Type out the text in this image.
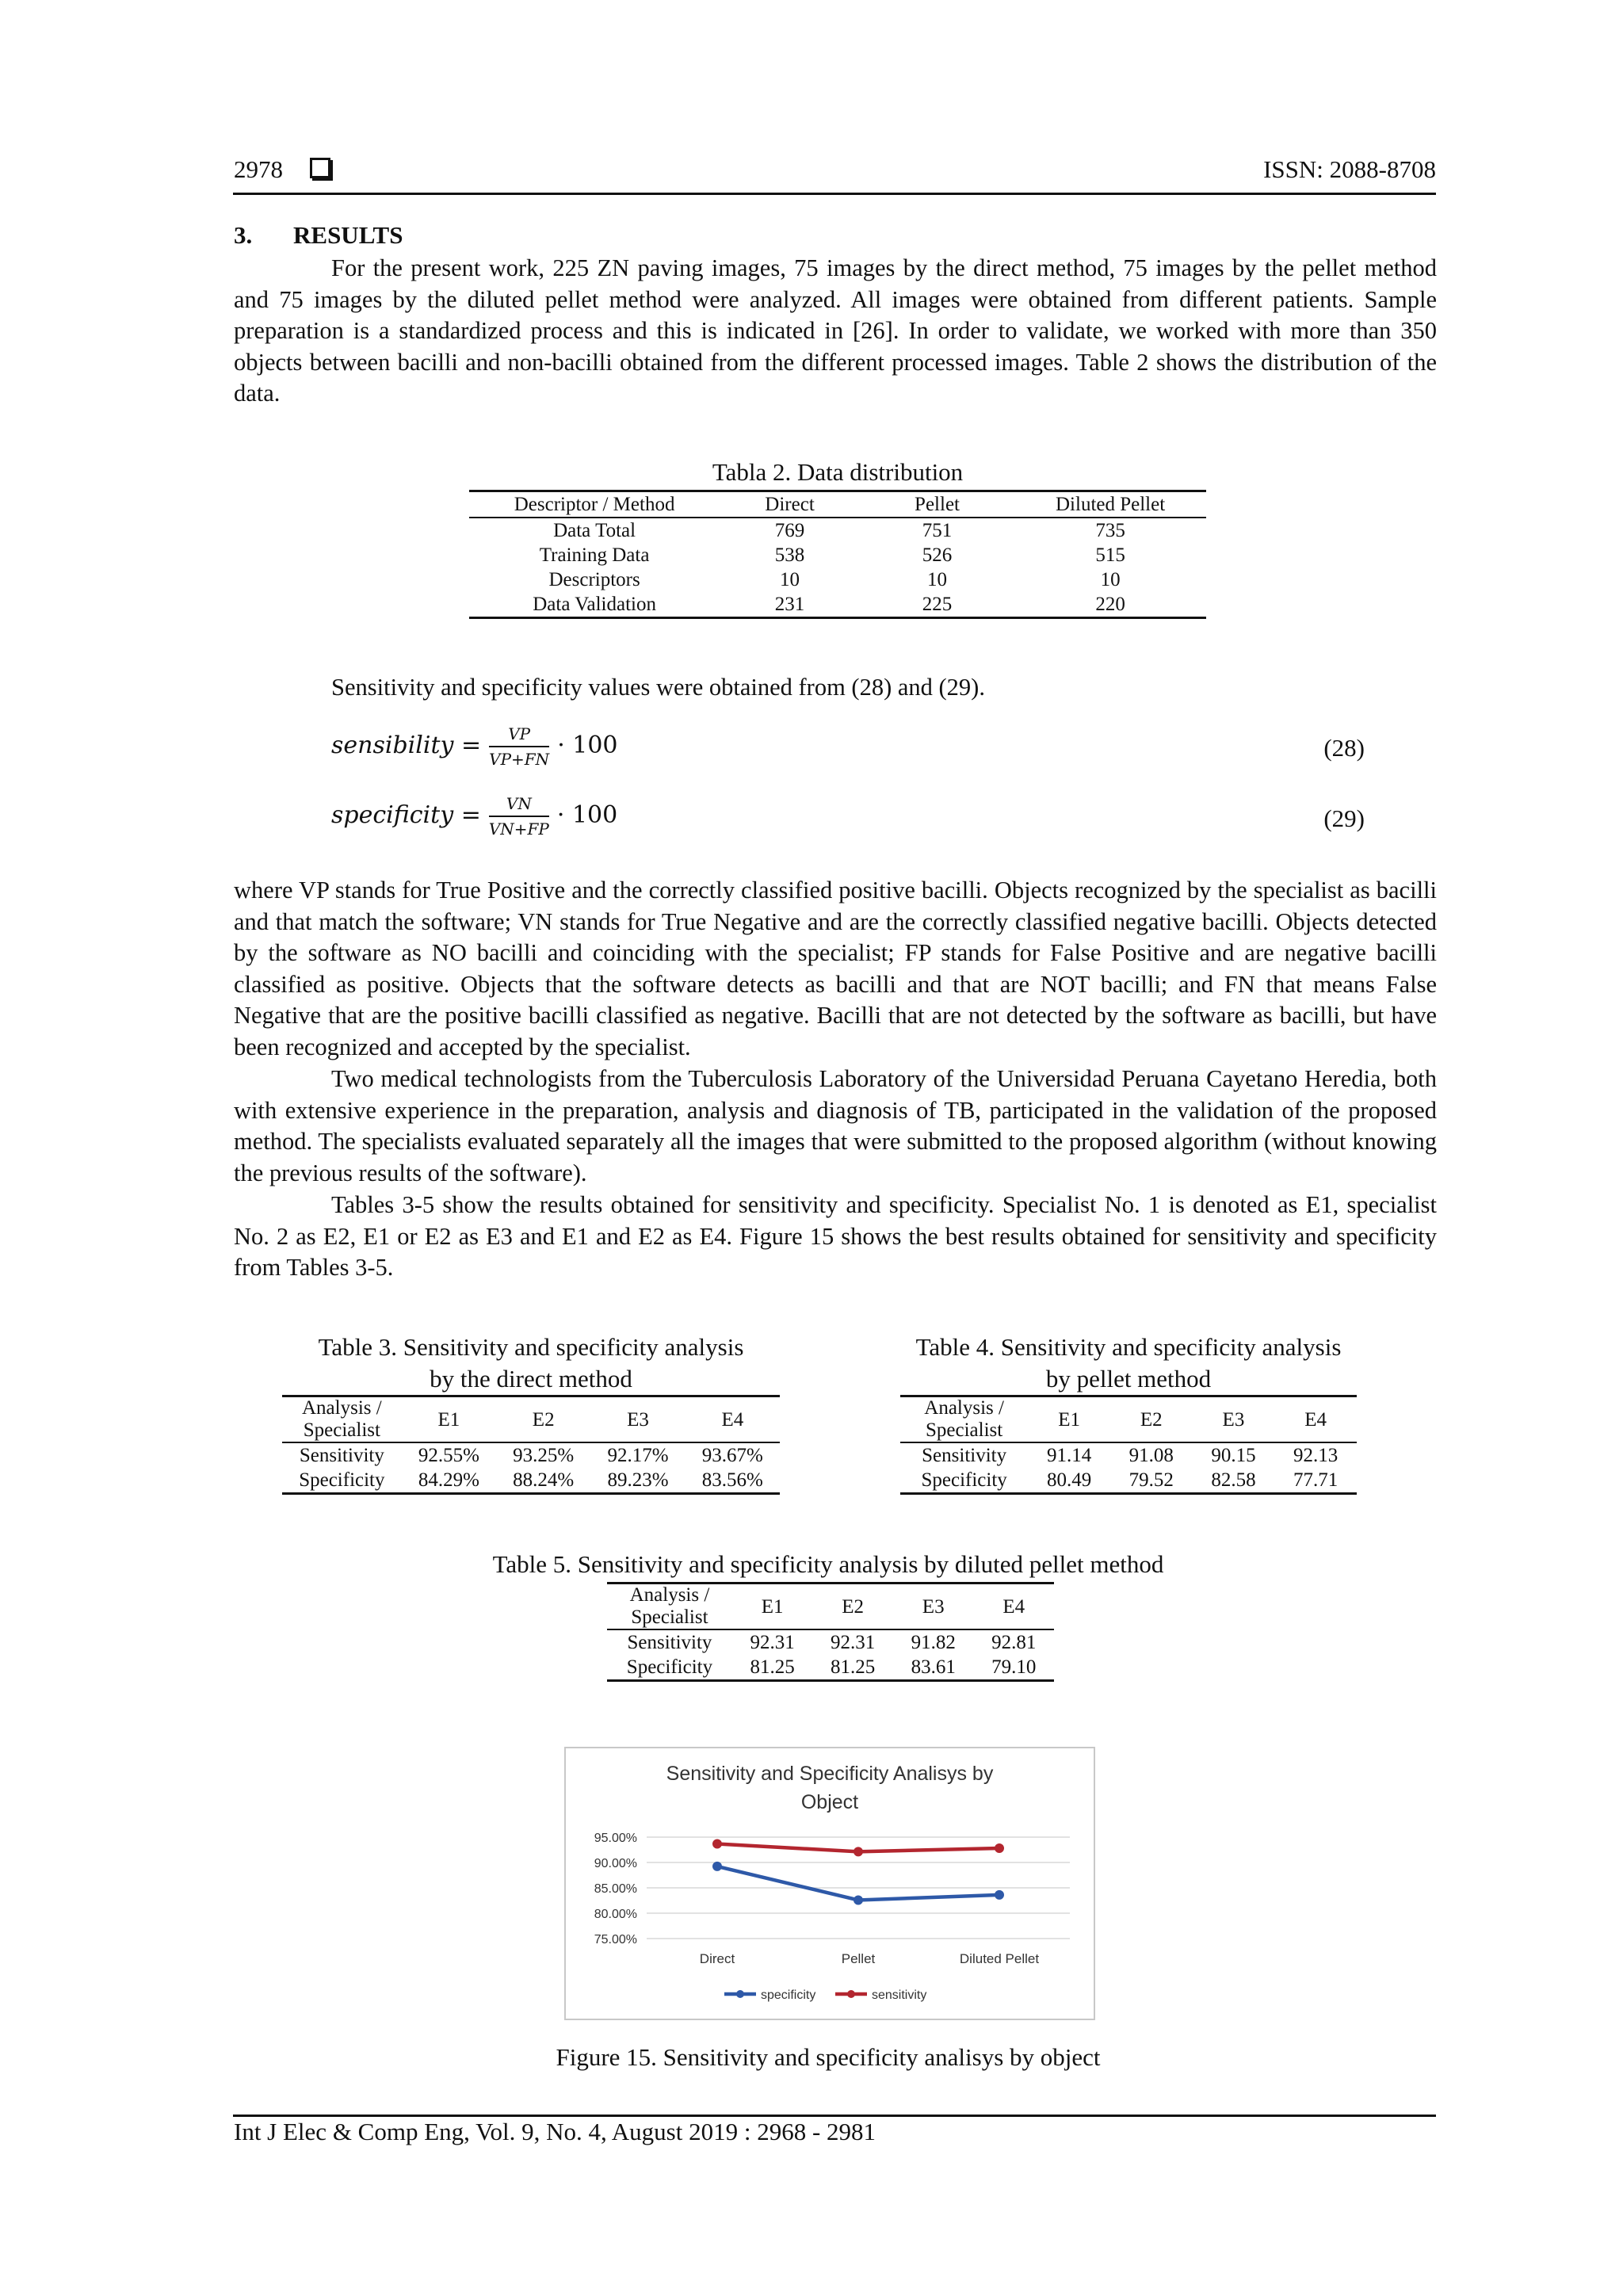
2978	ISSN: 2088-8708
3. RESULTS
For the present work, 225 ZN paving images, 75 images by the direct method, 75 images by the pellet method and 75 images by the diluted pellet method were analyzed. All images were obtained from different patients. Sample preparation is a standardized process and this is indicated in [26]. In order to validate, we worked with more than 350 objects between bacilli and non-bacilli obtained from the different processed images. Table 2 shows the distribution of the data.
Tabla 2. Data distribution
Descriptor / Method	Direct	Pellet	Diluted Pellet
Data Total	769	751	735
Training Data	538	526	515
Descriptors	10	10	10
Data Validation	231	225	220
Sensitivity and specificity values were obtained from (28) and (29).
sensibility = $\frac{VP}{VP+FN} \cdot 100$	(28)
specificity = $\frac{VN}{VN+FP} \cdot 100$	(29)
where VP stands for True Positive and the correctly classified positive bacilli. Objects recognized by the specialist as bacilli and that match the software; VN stands for True Negative and are the correctly classified negative bacilli. Objects detected by the software as NO bacilli and coinciding with the specialist; FP stands for False Positive and are negative bacilli classified as positive. Objects that the software detects as bacilli and that are NOT bacilli; and FN that means False Negative that are the positive bacilli classified as negative. Bacilli that are not detected by the software as bacilli, but have been recognized and accepted by the specialist.
Two medical technologists from the Tuberculosis Laboratory of the Universidad Peruana Cayetano Heredia, both with extensive experience in the preparation, analysis and diagnosis of TB, participated in the validation of the proposed method. The specialists evaluated separately all the images that were submitted to the proposed algorithm (without knowing the previous results of the software).
Tables 3-5 show the results obtained for sensitivity and specificity. Specialist No. 1 is denoted as E1, specialist No. 2 as E2, E1 or E2 as E3 and E1 and E2 as E4. Figure 15 shows the best results obtained for sensitivity and specificity from Tables 3-5.
Table 3. Sensitivity and specificity analysis
by the direct method
Analysis /
Specialist	E1	E2	E3	E4
Sensitivity	92.55%	93.25%	92.17%	93.67%
Specificity	84.29%	88.24%	89.23%	83.56%
Table 4. Sensitivity and specificity analysis
by pellet method
Analysis /
Specialist	E1	E2	E3	E4
Sensitivity	91.14	91.08	90.15	92.13
Specificity	80.49	79.52	82.58	77.71
Table 5. Sensitivity and specificity analysis by diluted pellet method
Analysis /
Specialist	E1	E2	E3	E4
Sensitivity	92.31	92.31	91.82	92.81
Specificity	81.25	81.25	83.61	79.10
Sensitivity and Specificity Analisys by
Object
95.00%
90.00%
85.00%
80.00%
75.00%
Direct	Pellet	Diluted Pellet
specificity	sensitivity
Figure 15. Sensitivity and specificity analisys by object
Int J Elec & Comp Eng, Vol. 9, No. 4, August 2019 : 2968 - 2981
